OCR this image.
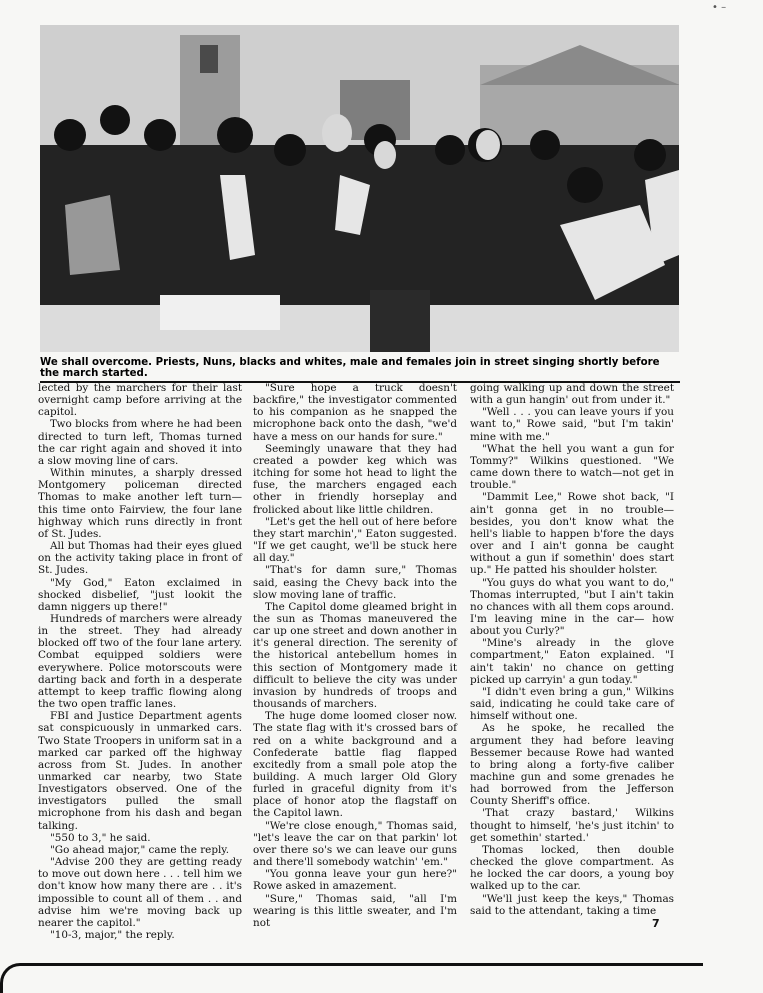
• –
We shall overcome. Priests, Nuns, blacks and whites, male and females join in street singing shortly before the march started.

lected by the marchers for their last overnight camp before arriving at the capitol.

Two blocks from where he had been directed to turn left, Thomas turned the car right again and shoved it into a slow moving line of cars.

Within minutes, a sharply dressed Montgomery policeman directed Thomas to make another left turn— this time onto Fairview, the four lane highway which runs directly in front of St. Judes.

All but Thomas had their eyes glued on the activity taking place in front of St. Judes.

"My God," Eaton exclaimed in shocked disbelief, "just lookit the damn niggers up there!"

Hundreds of marchers were already in the street. They had already blocked off two of the four lane artery. Combat equipped soldiers were everywhere. Police motorscouts were darting back and forth in a desperate attempt to keep traffic flowing along the two open traffic lanes.

FBI and Justice Department agents sat conspicuously in unmarked cars. Two State Troopers in uniform sat in a marked car parked off the highway across from St. Judes. In another unmarked car nearby, two State Investigators observed. One of the investigators pulled the small microphone from his dash and began talking.

"550 to 3," he said.

"Go ahead major," came the reply.

"Advise 200 they are getting ready to move out down here . . . tell him we don't know how many there are . . it's impossible to count all of them . . and advise him we're moving back up nearer the capitol."

"10-3, major," the reply.

"Sure hope a truck doesn't backfire," the investigator commented to his companion as he snapped the microphone back onto the dash, "we'd have a mess on our hands for sure."

Seemingly unaware that they had created a powder keg which was itching for some hot head to light the fuse, the marchers engaged each other in friendly horseplay and frolicked about like little children.

"Let's get the hell out of here before they start marchin'," Eaton suggested. "If we get caught, we'll be stuck here all day."

"That's for damn sure," Thomas said, easing the Chevy back into the slow moving lane of traffic.

The Capitol dome gleamed bright in the sun as Thomas maneuvered the car up one street and down another in it's general direction. The serenity of the historical antebellum homes in this section of Montgomery made it difficult to believe the city was under invasion by hundreds of troops and thousands of marchers.

The huge dome loomed closer now. The state flag with it's crossed bars of red on a white background and a Confederate battle flag flapped excitedly from a small pole atop the building. A much larger Old Glory furled in graceful dignity from it's place of honor atop the flagstaff on the Capitol lawn.

"We're close enough," Thomas said, "let's leave the car on that parkin' lot over there so's we can leave our guns and there'll somebody watchin' 'em."

"You gonna leave your gun here?" Rowe asked in amazement.

"Sure," Thomas said, "all I'm wearing is this little sweater, and I'm not

going walking up and down the street with a gun hangin' out from under it."

"Well . . . you can leave yours if you want to," Rowe said, "but I'm takin' mine with me."

"What the hell you want a gun for Tommy?" Wilkins questioned. "We came down there to watch—not get in trouble."

"Dammit Lee," Rowe shot back, "I ain't gonna get in no trouble— besides, you don't know what the hell's liable to happen b'fore the days over and I ain't gonna be caught without a gun if somethin' does start up." He patted his shoulder holster.

"You guys do what you want to do," Thomas interrupted, "but I ain't takin no chances with all them cops around. I'm leaving mine in the car— how about you Curly?"

"Mine's already in the glove compartment," Eaton explained. "I ain't takin' no chance on getting picked up carryin' a gun today."

"I didn't even bring a gun," Wilkins said, indicating he could take care of himself without one.

As he spoke, he recalled the argument they had before leaving Bessemer because Rowe had wanted to bring along a forty-five caliber machine gun and some grenades he had borrowed from the Jefferson County Sheriff's office.

'That crazy bastard,' Wilkins thought to himself, 'he's just itchin' to get somethin' started.'

Thomas locked, then double checked the glove compartment. As he locked the car doors, a young boy walked up to the car.

"We'll just keep the keys," Thomas said to the attendant, taking a time

7
